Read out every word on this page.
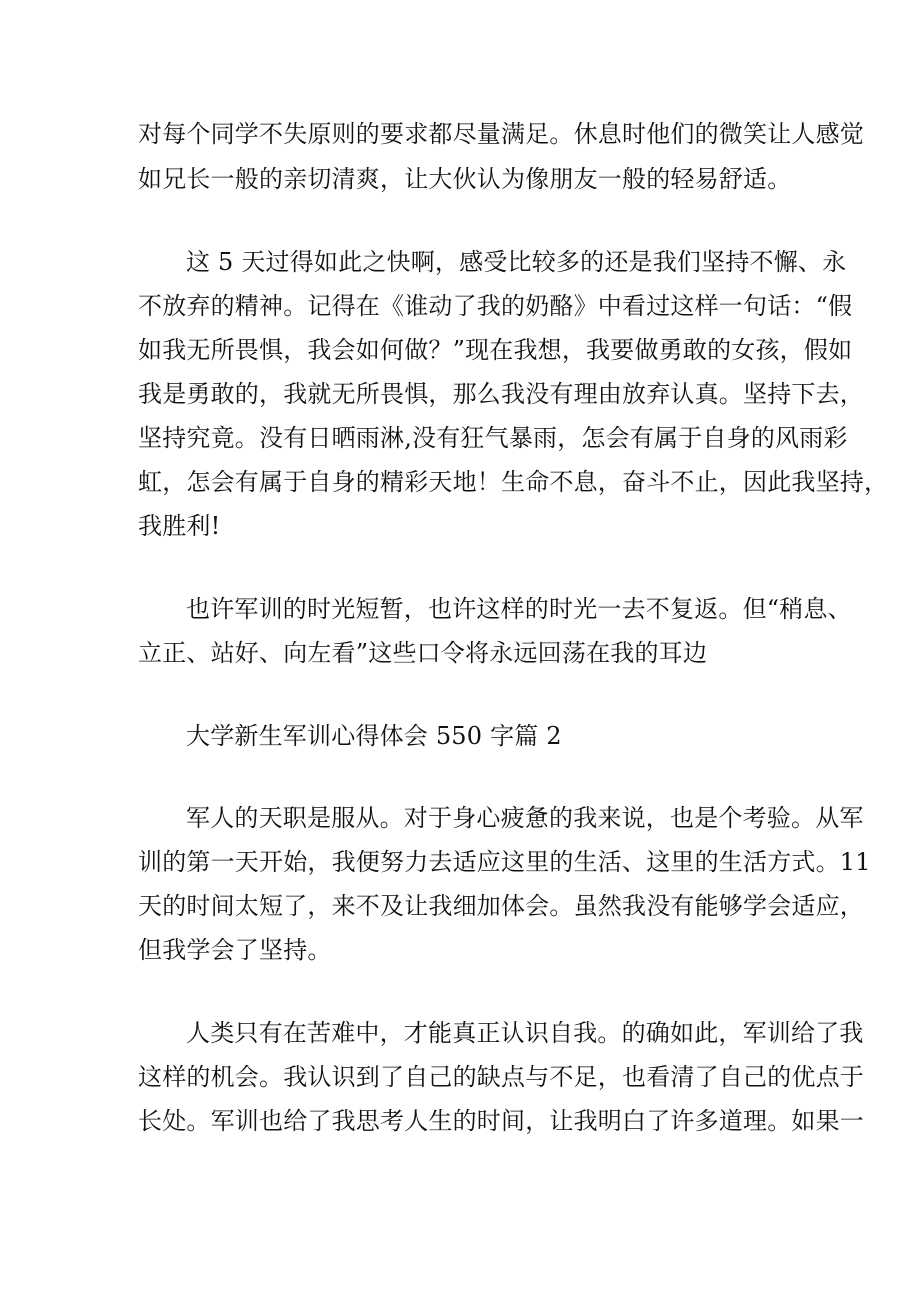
对每个同学不失原则的要求都尽量满足。休息时他们的微笑让人感觉
如兄长一般的亲切清爽，让大伙认为像朋友一般的轻易舒适。
这 5 天过得如此之快啊，感受比较多的还是我们坚持不懈、永
不放弃的精神。记得在《谁动了我的奶酪》中看过这样一句话：“假
如我无所畏惧，我会如何做？”现在我想，我要做勇敢的女孩，假如
我是勇敢的，我就无所畏惧，那么我没有理由放弃认真。坚持下去，
坚持究竟。没有日晒雨淋,没有狂气暴雨，怎会有属于自身的风雨彩
虹，怎会有属于自身的精彩天地！生命不息，奋斗不止，因此我坚持，
我胜利!
也许军训的时光短暂，也许这样的时光一去不复返。但“稍息、
立正、站好、向左看”这些口令将永远回荡在我的耳边
大学新生军训心得体会 550 字篇 2
军人的天职是服从。对于身心疲惫的我来说，也是个考验。从军
训的第一天开始，我便努力去适应这里的生活、这里的生活方式。11
天的时间太短了，来不及让我细加体会。虽然我没有能够学会适应，
但我学会了坚持。
人类只有在苦难中，才能真正认识自我。的确如此，军训给了我
这样的机会。我认识到了自己的缺点与不足，也看清了自己的优点于
长处。军训也给了我思考人生的时间，让我明白了许多道理。如果一
